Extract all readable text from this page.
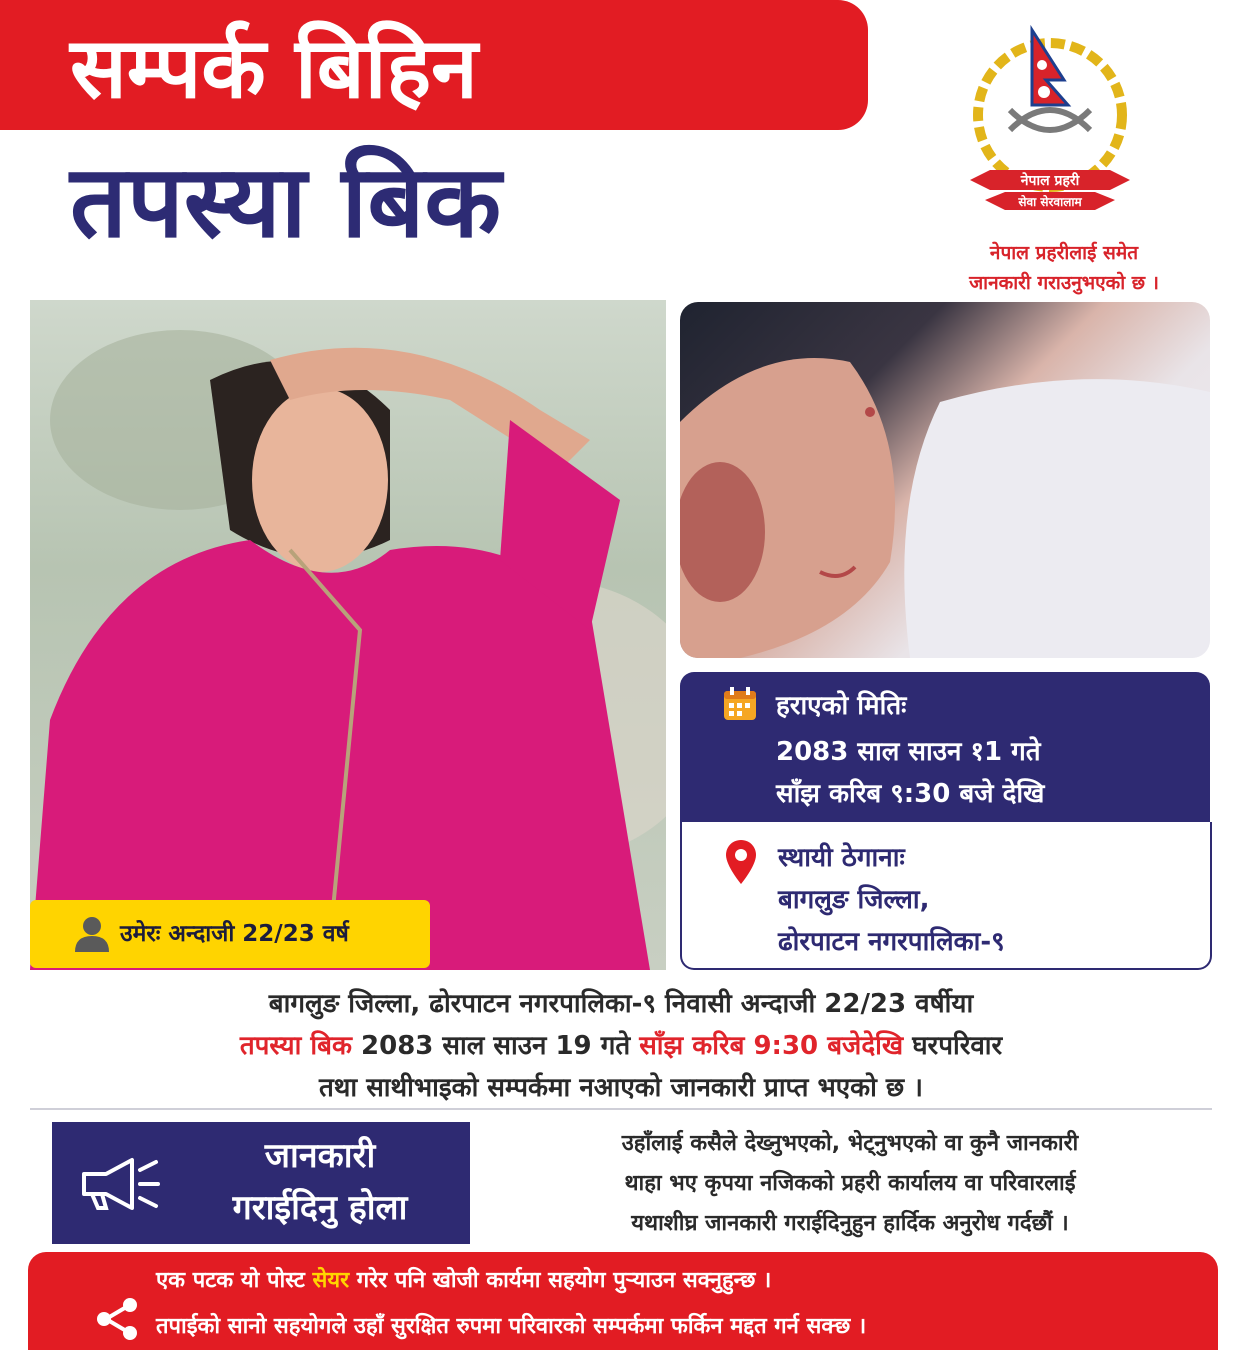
सम्पर्क बिहिन
तपस्या बिक	नेपाल प्रहरी
सेवा सेरवालाम
नेपाल प्रहरीलाई समेत
जानकारी गराउनुभएको छ ।
उमेरः अन्दाजी 22/23 वर्ष
हराएको मितिः
2083 साल साउन १1 गते
साँझ करिब ९:30 बजे देखि
स्थायी ठेगानाः
बागलुङ जिल्ला,
ढोरपाटन नगरपालिका-९
बागलुङ जिल्ला, ढोरपाटन नगरपालिका-९ निवासी अन्दाजी 22/23 वर्षीया
तपस्या बिक 2083 साल साउन 19 गते साँझ करिब 9:30 बजेदेखि घरपरिवार
तथा साथीभाइको सम्पर्कमा नआएको जानकारी प्राप्त भएको छ ।
जानकारी
गराईदिनु होला
उहाँलाई कसैले देख्नुभएको, भेट्नुभएको वा कुनै जानकारी
थाहा भए कृपया नजिकको प्रहरी कार्यालय वा परिवारलाई
यथाशीघ्र जानकारी गराईदिनुहुन हार्दिक अनुरोध गर्दछौं ।
एक पटक यो पोस्ट सेयर गरेर पनि खोजी कार्यमा सहयोग पुर्‍याउन सक्नुहुन्छ ।
तपाईको सानो सहयोगले उहाँ सुरक्षित रुपमा परिवारको सम्पर्कमा फर्किन मद्दत गर्न सक्छ ।
